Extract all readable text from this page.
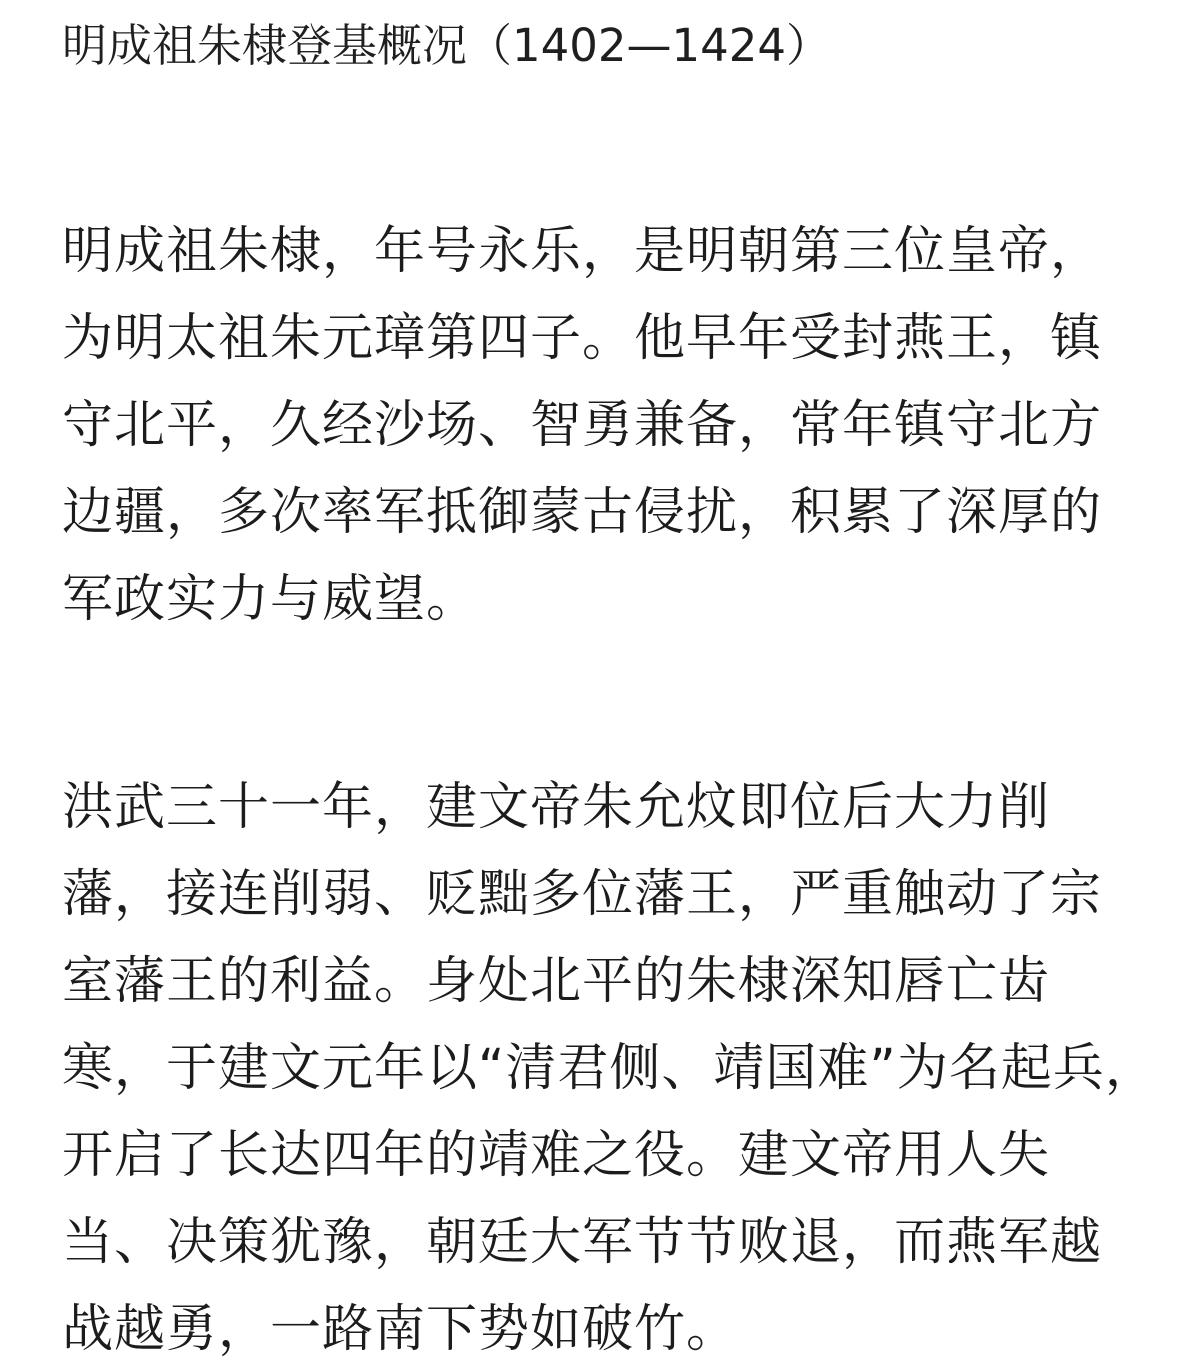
明成祖朱棣登基概况（1402—1424）
明成祖朱棣，年号永乐，是明朝第三位皇帝，
为明太祖朱元璋第四子。他早年受封燕王，镇
守北平，久经沙场、智勇兼备，常年镇守北方
边疆，多次率军抵御蒙古侵扰，积累了深厚的
军政实力与威望。
洪武三十一年，建文帝朱允炆即位后大力削
藩，接连削弱、贬黜多位藩王，严重触动了宗
室藩王的利益。身处北平的朱棣深知唇亡齿
寒，于建文元年以“清君侧、靖国难”为名起兵，
开启了长达四年的靖难之役。建文帝用人失
当、决策犹豫，朝廷大军节节败退，而燕军越
战越勇，一路南下势如破竹。
